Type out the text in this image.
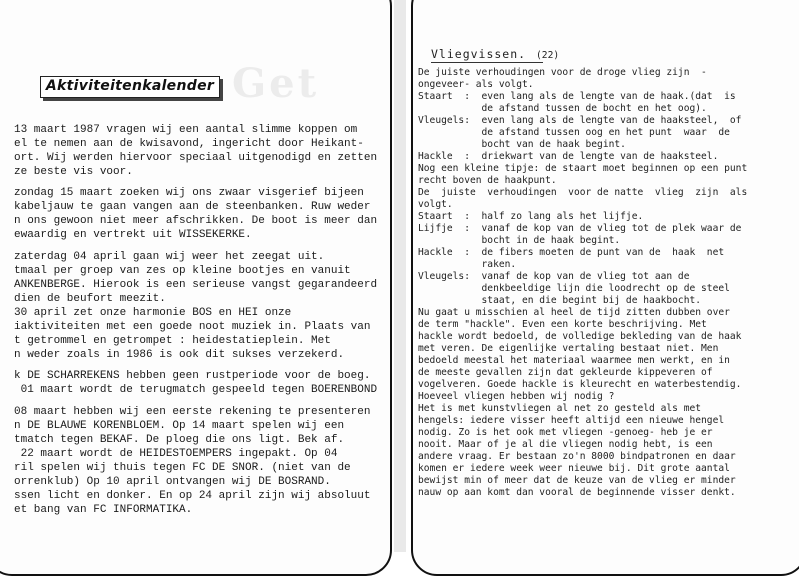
Aktiviteitenkalender
13 maart 1987 vragen wij een aantal slimme koppen om
el te nemen aan de kwisavond, ingericht door Heikant-
ort. Wij werden hiervoor speciaal uitgenodigd en zetten
ze beste vis voor.
zondag 15 maart zoeken wij ons zwaar visgerief bijeen
kabeljauw te gaan vangen aan de steenbanken. Ruw weder
n ons gewoon niet meer afschrikken. De boot is meer dan
ewaardig en vertrekt uit WISSEKERKE.
zaterdag 04 april gaan wij weer het zeegat uit.
tmaal per groep van zes op kleine bootjes en vanuit
ANKENBERGE. Hierook is een serieuse vangst gegarandeerd
dien de beufort meezit.
30 april zet onze harmonie BOS en HEI onze
iaktiviteiten met een goede noot muziek in. Plaats van
t getrommel en getrompet : heidestatieplein. Met
n weder zoals in 1986 is ook dit sukses verzekerd.
k DE SCHARREKENS hebben geen rustperiode voor de boeg.
01 maart wordt de terugmatch gespeeld tegen BOERENBOND
08 maart hebben wij een eerste rekening te presenteren
n DE BLAUWE KORENBLOEM. Op 14 maart spelen wij een
tmatch tegen BEKAF. De ploeg die ons ligt. Bek af.
22 maart wordt de HEIDESTOEMPERS ingepakt. Op 04
ril spelen wij thuis tegen FC DE SNOR. (niet van de
orrenklub) Op 10 april ontvangen wij DE BOSRAND.
ssen licht en donker. En op 24 april zijn wij absoluut
et bang van FC INFORMATIKA.
Get
Vliegvissen. (22)
De juiste verhoudingen voor de droge vlieg zijn  -
ongeveer- als volgt.
Staart  :  even lang als de lengte van de haak.(dat  is
de afstand tussen de bocht en het oog).
Vleugels:  even lang als de lengte van de haaksteel,  of
de afstand tussen oog en het punt  waar  de
bocht van de haak begint.
Hackle  :  driekwart van de lengte van de haaksteel.
Nog een kleine tipje: de staart moet beginnen op een punt
recht boven de haakpunt.
De  juiste  verhoudingen  voor de natte  vlieg  zijn  als
volgt.
Staart  :  half zo lang als het lijfje.
Lijfje  :  vanaf de kop van de vlieg tot de plek waar de
bocht in de haak begint.
Hackle  :  de fibers moeten de punt van de  haak  net
raken.
Vleugels:  vanaf de kop van de vlieg tot aan de
denkbeeldige lijn die loodrecht op de steel
staat, en die begint bij de haakbocht.
Nu gaat u misschien al heel de tijd zitten dubben over
de term "hackle". Even een korte beschrijving. Met
hackle wordt bedoeld, de volledige bekleding van de haak
met veren. De eigenlijke vertaling bestaat niet. Men
bedoeld meestal het materiaal waarmee men werkt, en in
de meeste gevallen zijn dat gekleurde kippeveren of
vogelveren. Goede hackle is kleurecht en waterbestendig.
Hoeveel vliegen hebben wij nodig ?
Het is met kunstvliegen al net zo gesteld als met
hengels: iedere visser heeft altijd een nieuwe hengel
nodig. Zo is het ook met vliegen -genoeg- heb je er
nooit. Maar of je al die vliegen nodig hebt, is een
andere vraag. Er bestaan zo'n 8000 bindpatronen en daar
komen er iedere week weer nieuwe bij. Dit grote aantal
bewijst min of meer dat de keuze van de vlieg er minder
nauw op aan komt dan vooral de beginnende visser denkt.
